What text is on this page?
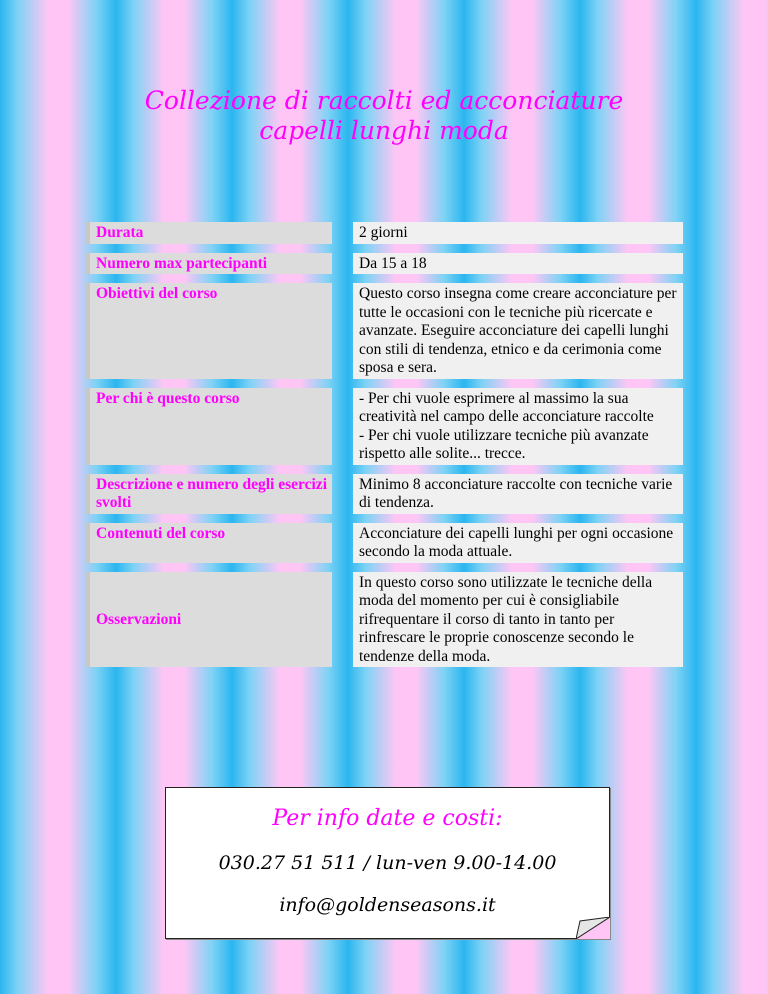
Collezione di raccolti ed acconciature
capelli lunghi moda
Durata		2 giorni
Numero max partecipanti		Da 15 a 18
Obiettivi del corso		Questo corso insegna come creare acconciature per tutte le occasioni con le tecniche più ricercate e avanzate. Eseguire acconciature dei capelli lunghi con stili di tendenza, etnico e da cerimonia come sposa e sera.
Per chi è questo corso		- Per chi vuole esprimere al massimo la sua creatività nel campo delle acconciature raccolte
- Per chi vuole utilizzare tecniche più avanzate rispetto alle solite... trecce.
Descrizione e numero degli esercizi svolti		Minimo 8 acconciature raccolte con tecniche varie di tendenza.
Contenuti del corso		Acconciature dei capelli lunghi per ogni occasione secondo la moda attuale.
Osservazioni		In questo corso sono utilizzate le tecniche della moda del momento per cui è consigliabile rifrequentare il corso di tanto in tanto per rinfrescare le proprie conoscenze secondo le tendenze della moda.
Per info date e costi:
030.27 51 511 / lun-ven 9.00-14.00
info@goldenseasons.it
